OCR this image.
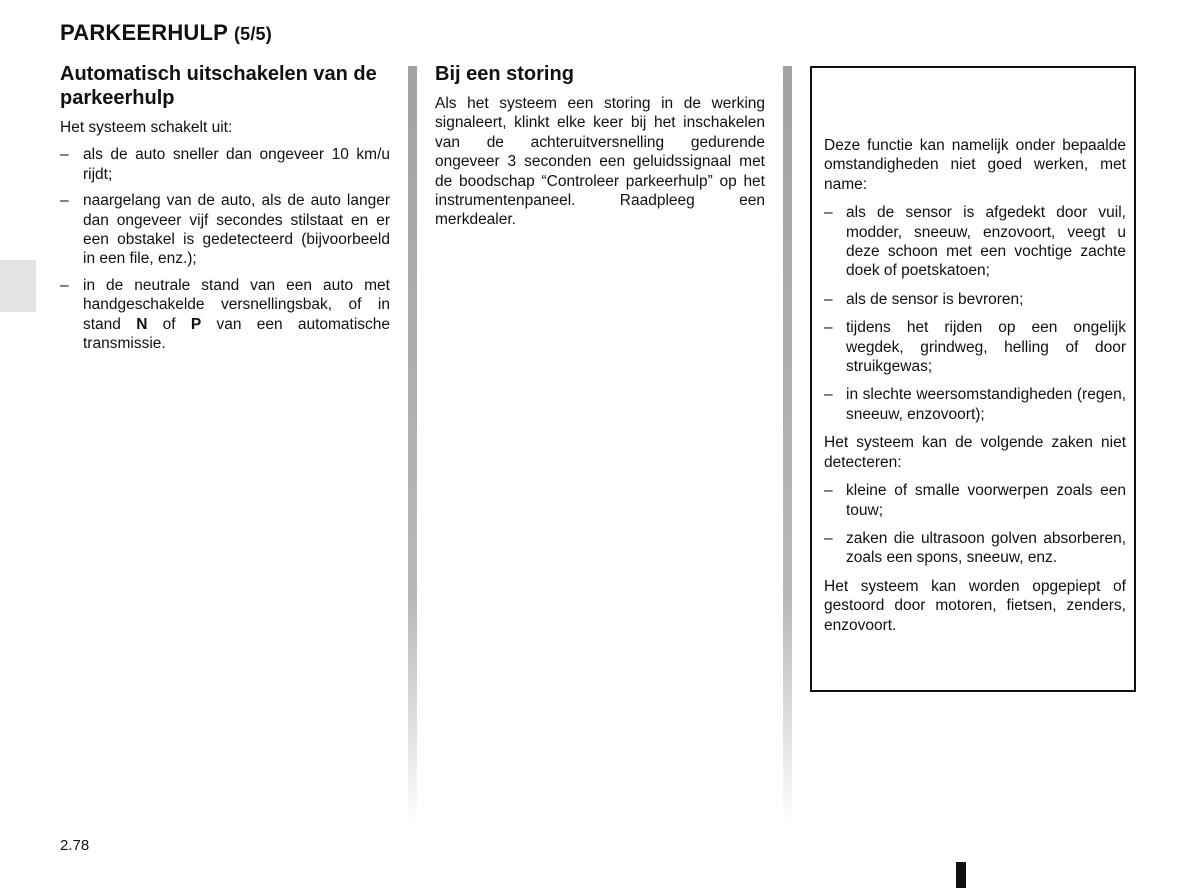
PARKEERHULP (5/5)
Automatisch uitschakelen van de parkeerhulp

Het systeem schakelt uit:

– als de auto sneller dan ongeveer 10 km/u rijdt;
– naargelang van de auto, als de auto langer dan ongeveer vijf secondes stilstaat en er een obstakel is gedetecteerd (bijvoorbeeld in een file, enz.);
– in de neutrale stand van een auto met handgeschakelde versnellingsbak, of in stand N of P van een automatische transmissie.
Bij een storing

Als het systeem een storing in de werking signaleert, klinkt elke keer bij het inschakelen van de achteruitversnelling gedurende ongeveer 3 seconden een geluidssignaal met de boodschap “Controleer parkeerhulp” op het instrumentenpaneel. Raadpleeg een merkdealer.

Deze functie kan namelijk onder bepaalde omstandigheden niet goed werken, met name:

– als de sensor is afgedekt door vuil, modder, sneeuw, enzovoort, veegt u deze schoon met een vochtige zachte doek of poetskatoen;
– als de sensor is bevroren;
– tijdens het rijden op een ongelijk wegdek, grindweg, helling of door struikgewas;
– in slechte weersomstandigheden (regen, sneeuw, enzovoort);

Het systeem kan de volgende zaken niet detecteren:

– kleine of smalle voorwerpen zoals een touw;
– zaken die ultrasoon golven absorberen, zoals een spons, sneeuw, enz.

Het systeem kan worden opgepiept of gestoord door motoren, fietsen, zenders, enzovoort.

2.78
